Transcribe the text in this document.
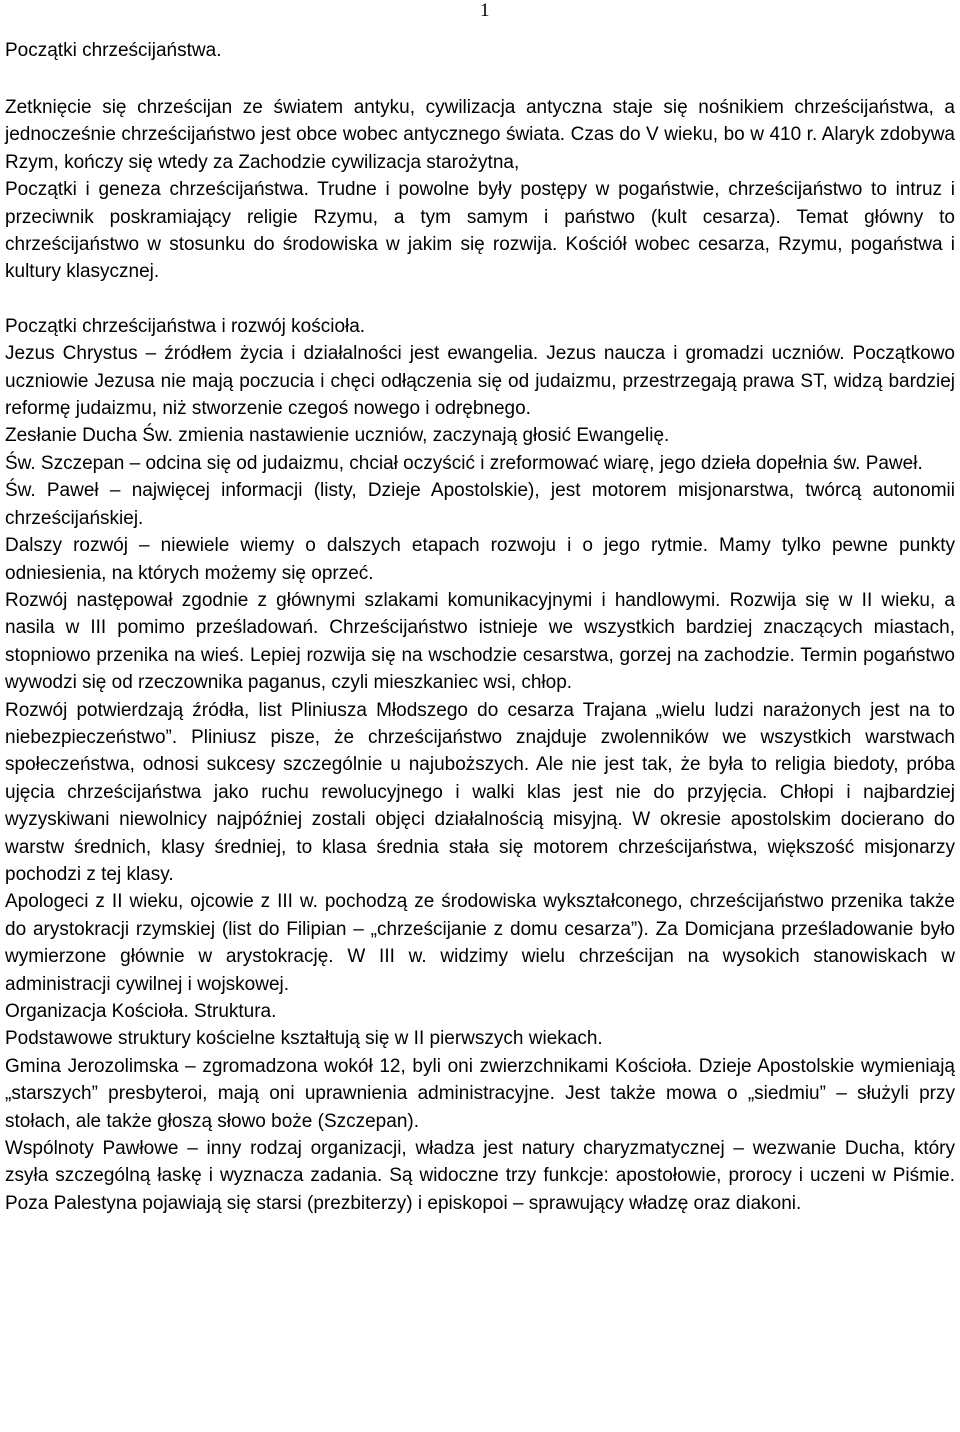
1
Początki chrześcijaństwa.

Zetknięcie się chrześcijan ze światem antyku, cywilizacja antyczna staje się nośnikiem chrześcijaństwa, a jednocześnie chrześcijaństwo jest obce wobec antycznego świata. Czas do V wieku, bo w 410 r. Alaryk zdobywa Rzym, kończy się wtedy za Zachodzie cywilizacja starożytna,

Początki i geneza chrześcijaństwa. Trudne i powolne były postępy w pogaństwie, chrześcijaństwo to intruz i przeciwnik poskramiający religie Rzymu, a tym samym i państwo (kult cesarza). Temat główny to chrześcijaństwo w stosunku do środowiska w jakim się rozwija. Kościół wobec cesarza, Rzymu, pogaństwa i kultury klasycznej.

Początki chrześcijaństwa i rozwój kościoła.

Jezus Chrystus – źródłem życia i działalności jest ewangelia. Jezus naucza i gromadzi uczniów. Początkowo uczniowie Jezusa nie mają poczucia i chęci odłączenia się od judaizmu, przestrzegają prawa ST, widzą bardziej reformę judaizmu, niż stworzenie czegoś nowego i odrębnego.

Zesłanie Ducha Św. zmienia nastawienie uczniów, zaczynają głosić Ewangelię.

Św. Szczepan – odcina się od judaizmu, chciał oczyścić i zreformować wiarę, jego dzieła dopełnia św. Paweł.

Św. Paweł – najwięcej informacji (listy, Dzieje Apostolskie), jest motorem misjonarstwa, twórcą autonomii chrześcijańskiej.

Dalszy rozwój – niewiele wiemy o dalszych etapach rozwoju i o jego rytmie. Mamy tylko pewne punkty odniesienia, na których możemy się oprzeć.

Rozwój następował zgodnie z głównymi szlakami komunikacyjnymi i handlowymi. Rozwija się w II wieku, a nasila w III pomimo prześladowań. Chrześcijaństwo istnieje we wszystkich bardziej znaczących miastach, stopniowo przenika na wieś. Lepiej rozwija się na wschodzie cesarstwa, gorzej na zachodzie. Termin pogaństwo wywodzi się od rzeczownika paganus, czyli mieszkaniec wsi, chłop.

Rozwój potwierdzają źródła, list Pliniusza Młodszego do cesarza Trajana „wielu ludzi narażonych jest na to niebezpieczeństwo”. Pliniusz pisze, że chrześcijaństwo znajduje zwolenników we wszystkich warstwach społeczeństwa, odnosi sukcesy szczególnie u najuboższych. Ale nie jest tak, że była to religia biedoty, próba ujęcia chrześcijaństwa jako ruchu rewolucyjnego i walki klas jest nie do przyjęcia. Chłopi i najbardziej wyzyskiwani niewolnicy najpóźniej zostali objęci działalnością misyjną. W okresie apostolskim docierano do warstw średnich, klasy średniej, to klasa średnia stała się motorem chrześcijaństwa, większość misjonarzy pochodzi z tej klasy.

Apologeci z II wieku, ojcowie z III w. pochodzą ze środowiska wykształconego, chrześcijaństwo przenika także do arystokracji rzymskiej (list do Filipian – „chrześcijanie z domu cesarza”). Za Domicjana prześladowanie było wymierzone głównie w arystokrację. W III w. widzimy wielu chrześcijan na wysokich stanowiskach w administracji cywilnej i wojskowej.

Organizacja Kościoła. Struktura.

Podstawowe struktury kościelne kształtują się w II pierwszych wiekach.

Gmina Jerozolimska – zgromadzona wokół 12, byli oni zwierzchnikami Kościoła. Dzieje Apostolskie wymieniają „starszych” presbyteroi, mają oni uprawnienia administracyjne. Jest także mowa o „siedmiu” – służyli przy stołach, ale także głoszą słowo boże (Szczepan).

Wspólnoty Pawłowe – inny rodzaj organizacji, władza jest natury charyzmatycznej – wezwanie Ducha, który zsyła szczególną łaskę i wyznacza zadania. Są widoczne trzy funkcje: apostołowie, prorocy i uczeni w Piśmie. Poza Palestyna pojawiają się starsi (prezbiterzy) i episkopoi – sprawujący władzę oraz diakoni.
